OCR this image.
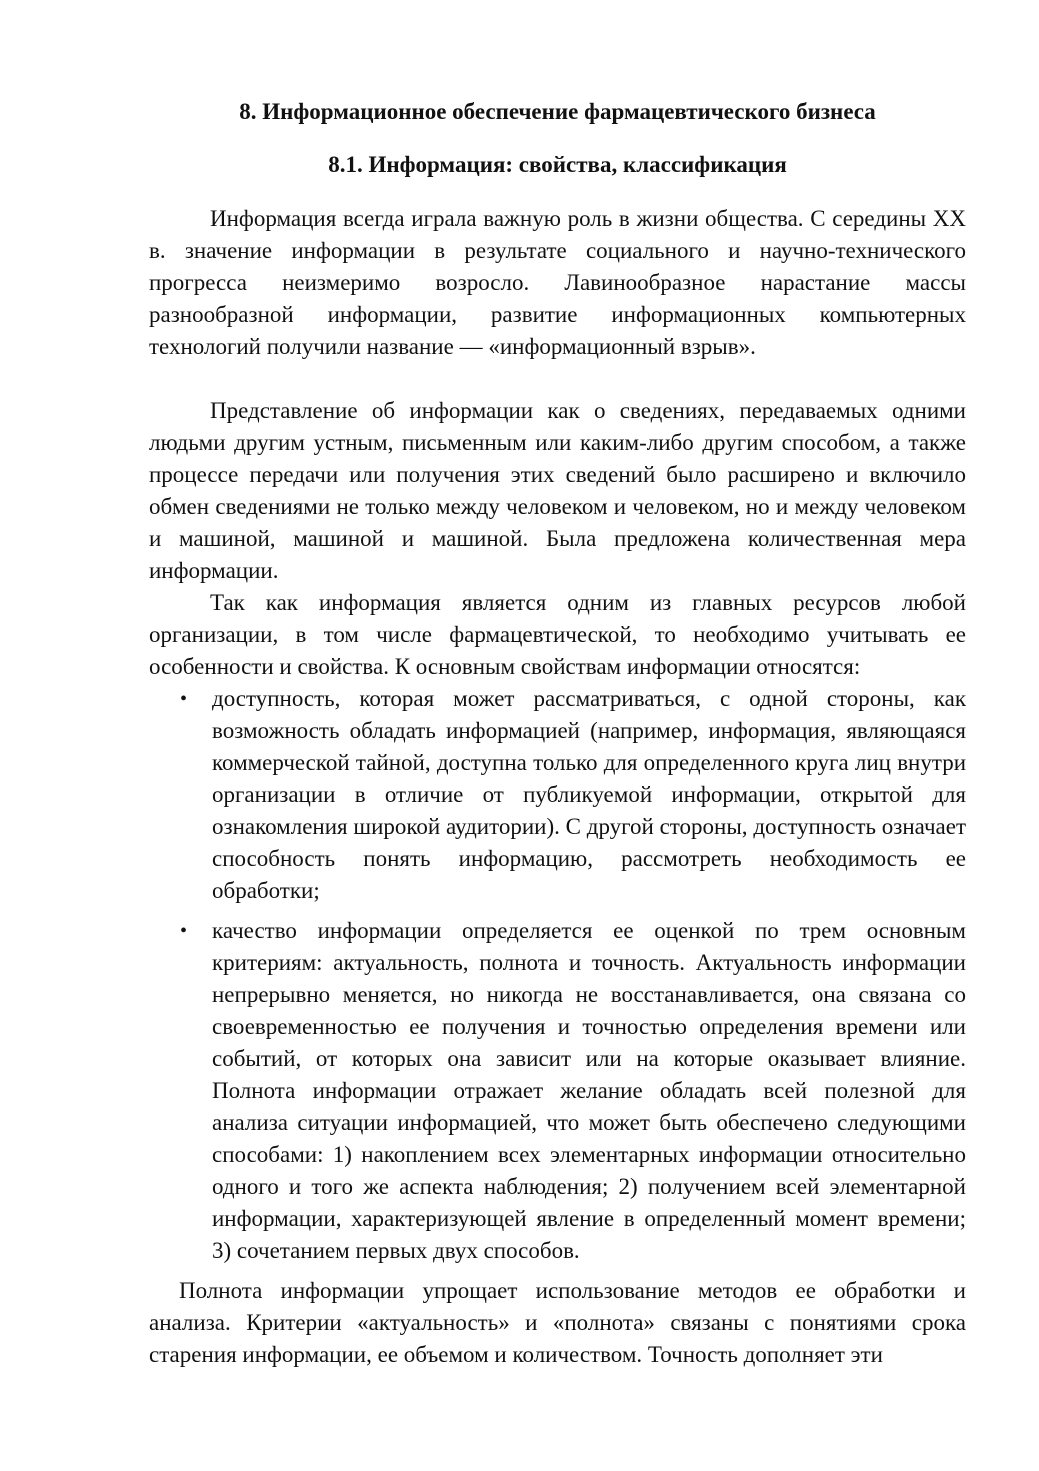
8. Информационное обеспечение фармацевтического бизнеса
8.1. Информация: свойства, классификация

Информация всегда играла важную роль в жизни общества. С середины XX в. значение информации в результате социального и научно-технического прогресса неизмеримо возросло. Лавинообразное нарастание массы разнообразной информации, развитие информационных компьютерных технологий получили название — «информационный взрыв».

Представление об информации как о сведениях, передаваемых одними людьми другим устным, письменным или каким-либо другим способом, а также процессе передачи или получения этих сведений было расширено и включило обмен сведениями не только между человеком и человеком, но и между человеком и машиной, машиной и машиной. Была предложена количественная мера информации.

Так как информация является одним из главных ресурсов любой организации, в том числе фармацевтической, то необходимо учитывать ее особенности и свойства. К основным свойствам информации относятся:

• доступность, которая может рассматриваться, с одной стороны, как возможность обладать информацией (например, информация, являющаяся коммерческой тайной, доступна только для определенного круга лиц внутри организации в отличие от публикуемой информации, открытой для ознакомления широкой аудитории). С другой стороны, доступность означает способность понять информацию, рассмотреть необходимость ее обработки;
• качество информации определяется ее оценкой по трем основным критериям: актуальность, полнота и точность. Актуальность информации непрерывно меняется, но никогда не восстанавливается, она связана со своевременностью ее получения и точностью определения времени или событий, от которых она зависит или на которые оказывает влияние. Полнота информации отражает желание обладать всей полезной для анализа ситуации информацией, что может быть обеспечено следующими способами: 1) накоплением всех элементарных информации относительно одного и того же аспекта наблюдения; 2) получением всей элементарной информации, характеризующей явление в определенный момент времени; 3) сочетанием первых двух способов.

Полнота информации упрощает использование методов ее обработки и анализа. Критерии «актуальность» и «полнота» связаны с понятиями срока старения информации, ее объемом и количеством. Точность дополняет эти
